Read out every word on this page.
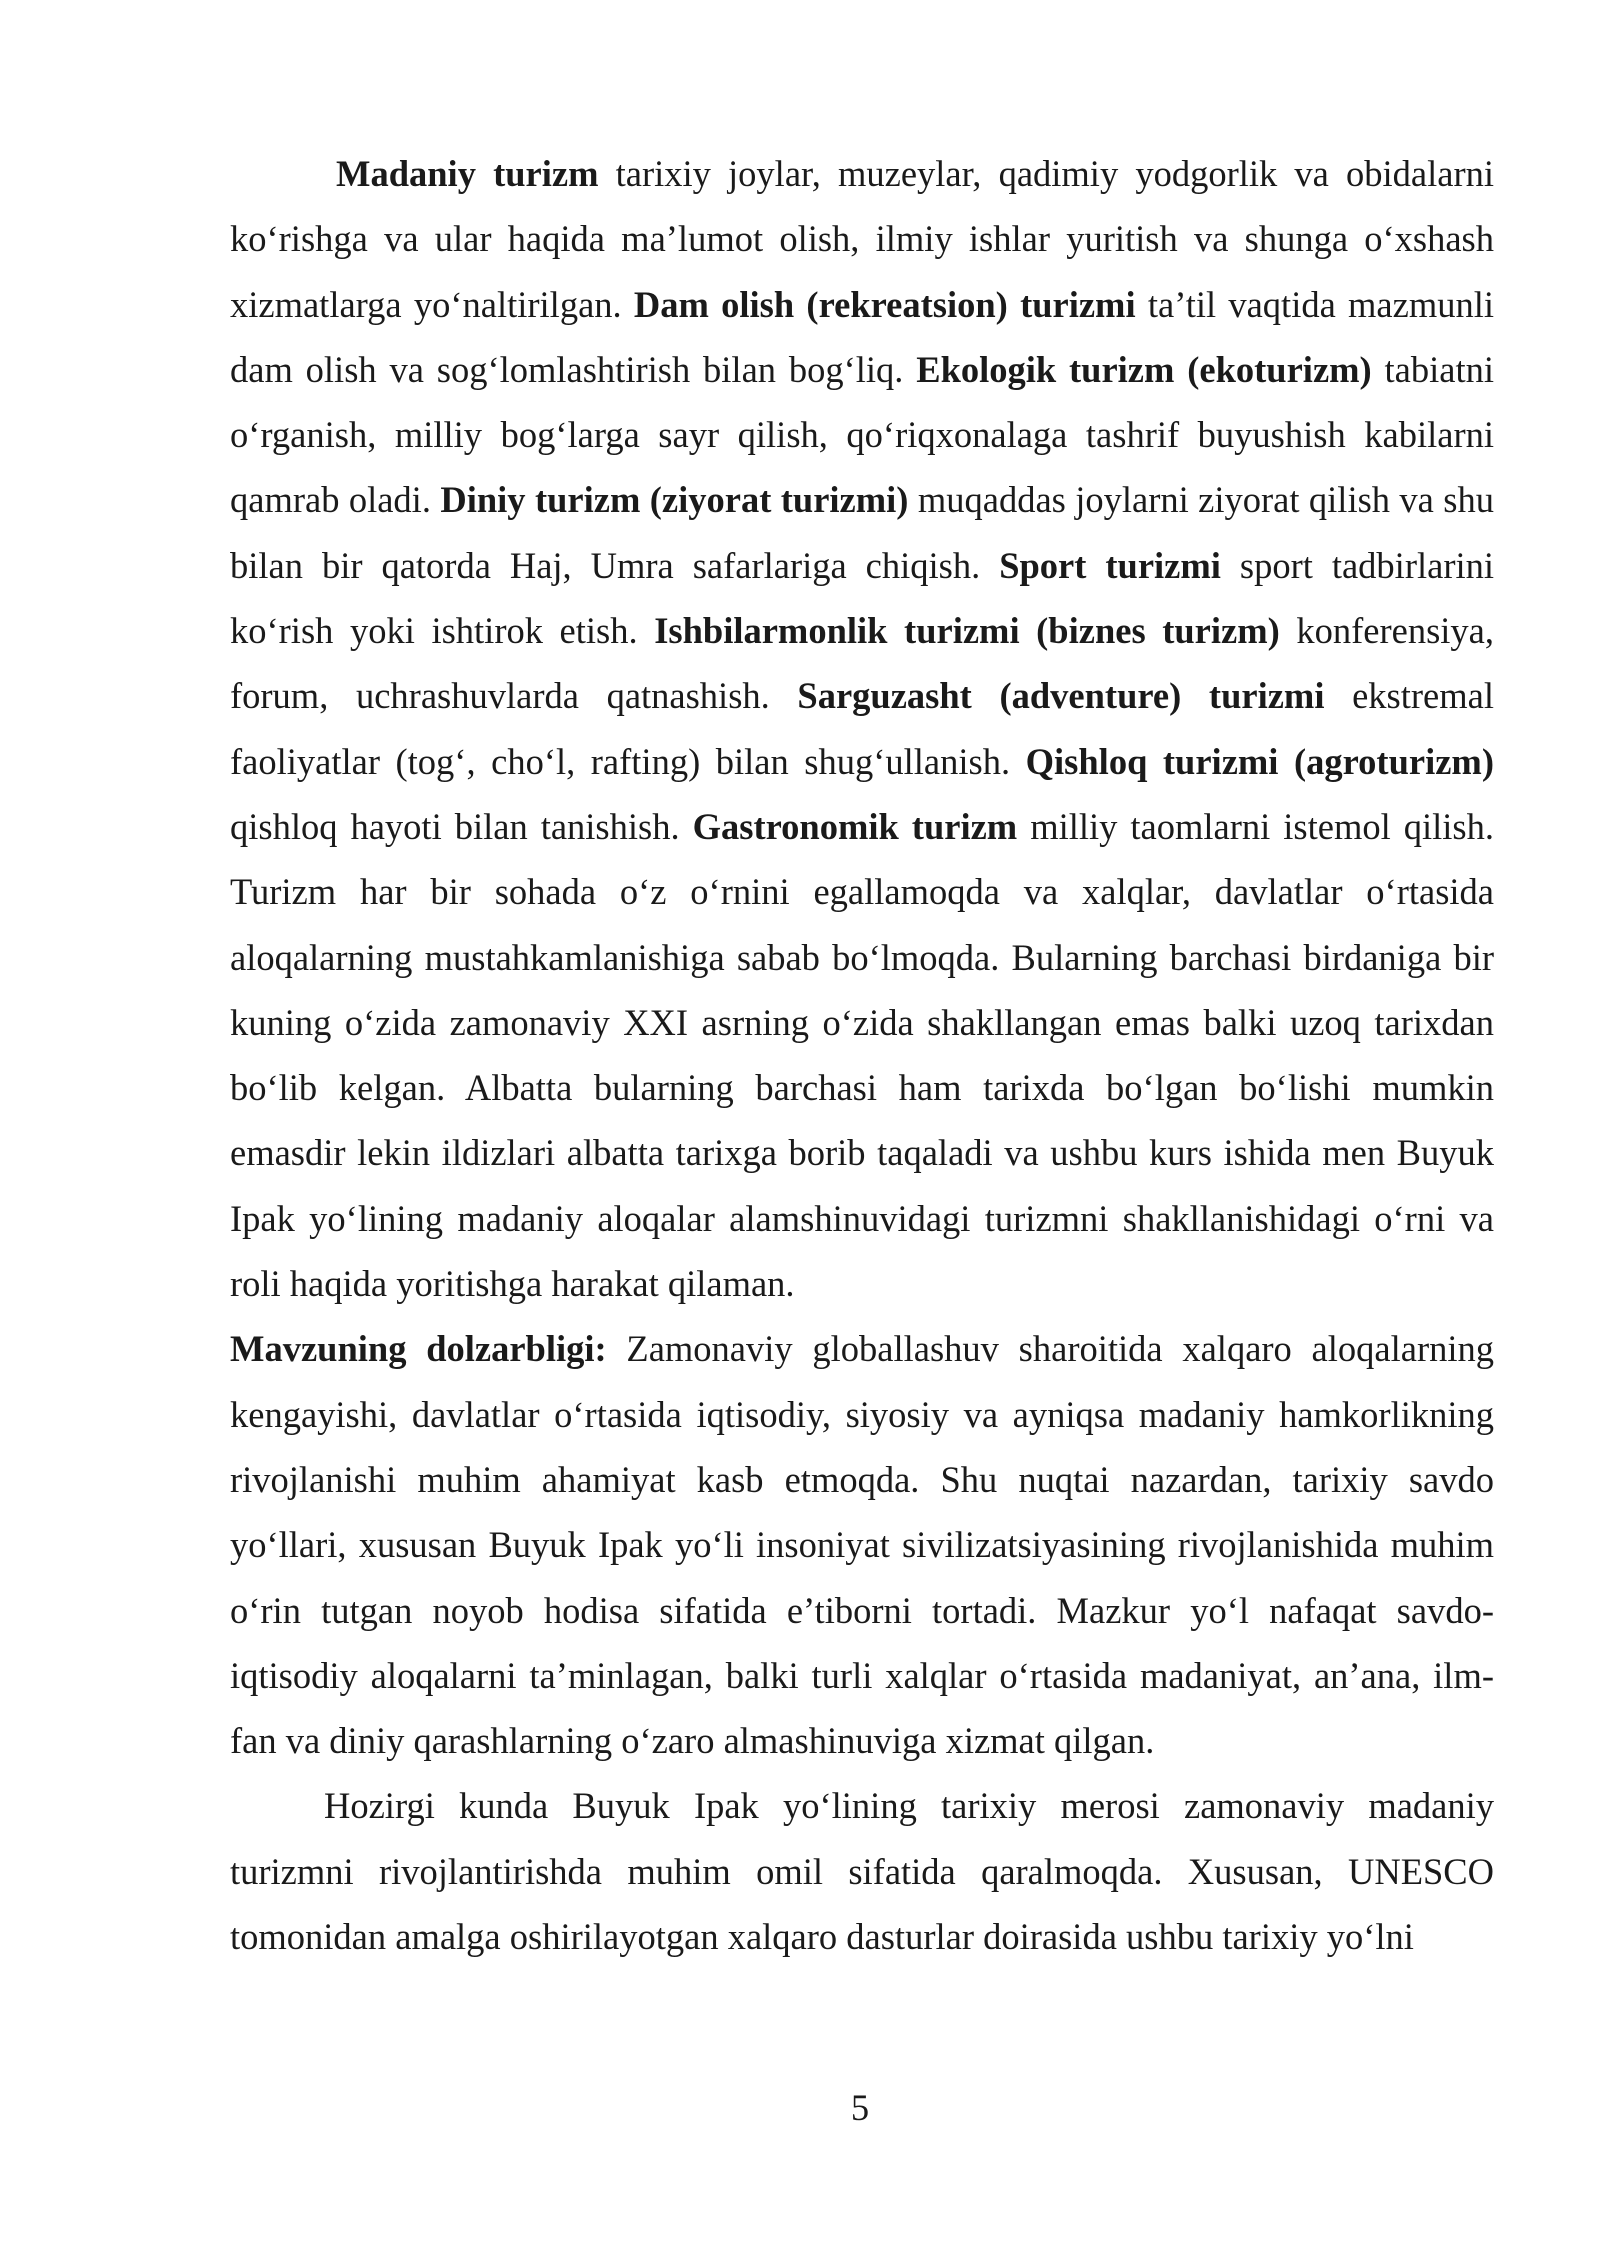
Madaniy turizm tarixiy joylar, muzeylar, qadimiy yodgorlik va obidalarni ko‘rishga va ular haqida ma’lumot olish, ilmiy ishlar yuritish va shunga o‘xshash xizmatlarga yo‘naltirilgan. Dam olish (rekreatsion) turizmi ta’til vaqtida mazmunli dam olish va sog‘lomlashtirish bilan bog‘liq. Ekologik turizm (ekoturizm) tabiatni o‘rganish, milliy bog‘larga sayr qilish, qo‘riqxonalaga tashrif buyushish kabilarni qamrab oladi. Diniy turizm (ziyorat turizmi) muqaddas joylarni ziyorat qilish va shu bilan bir qatorda Haj, Umra safarlariga chiqish. Sport turizmi sport tadbirlarini ko‘rish yoki ishtirok etish. Ishbilarmonlik turizmi (biznes turizm) konferensiya, forum, uchrashuvlarda qatnashish. Sarguzasht (adventure) turizmi ekstremal faoliyatlar (tog‘, cho‘l, rafting) bilan shug‘ullanish. Qishloq turizmi (agroturizm) qishloq hayoti bilan tanishish. Gastronomik turizm milliy taomlarni istemol qilish. Turizm har bir sohada o‘z o‘rnini egallamoqda va xalqlar, davlatlar o‘rtasida aloqalarning mustahkamlanishiga sabab bo‘lmoqda. Bularning barchasi birdaniga bir kuning o‘zida zamonaviy XXI asrning o‘zida shakllangan emas balki uzoq tarixdan bo‘lib kelgan. Albatta bularning barchasi ham tarixda bo‘lgan bo‘lishi mumkin emasdir lekin ildizlari albatta tarixga borib taqaladi va ushbu kurs ishida men Buyuk Ipak yo‘lining madaniy aloqalar alamshinuvidagi turizmni shakllanishidagi o‘rni va roli haqida yoritishga harakat qilaman.

Mavzuning dolzarbligi: Zamonaviy globallashuv sharoitida xalqaro aloqalarning kengayishi, davlatlar o‘rtasida iqtisodiy, siyosiy va ayniqsa madaniy hamkorlikning rivojlanishi muhim ahamiyat kasb etmoqda. Shu nuqtai nazardan, tarixiy savdo yo‘llari, xususan Buyuk Ipak yo‘li insoniyat sivilizatsiyasining rivojlanishida muhim o‘rin tutgan noyob hodisa sifatida e’tiborni tortadi. Mazkur yo‘l nafaqat savdo-iqtisodiy aloqalarni ta’minlagan, balki turli xalqlar o‘rtasida madaniyat, an’ana, ilm-fan va diniy qarashlarning o‘zaro almashinuviga xizmat qilgan.

Hozirgi kunda Buyuk Ipak yo‘lining tarixiy merosi zamonaviy madaniy turizmni rivojlantirishda muhim omil sifatida qaralmoqda. Xususan, UNESCO tomonidan amalga oshirilayotgan xalqaro dasturlar doirasida ushbu tarixiy yo‘lni

5
